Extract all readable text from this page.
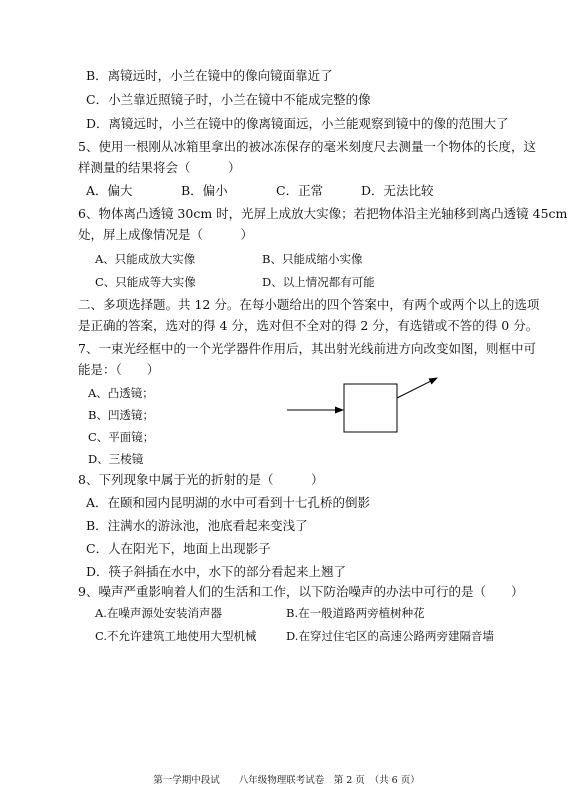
B．离镜远时，小兰在镜中的像向镜面靠近了
C．小兰靠近照镜子时，小兰在镜中不能成完整的像
D．离镜远时，小兰在镜中的像离镜面远，小兰能观察到镜中的像的范围大了
5、使用一根刚从冰箱里拿出的被冰冻保存的毫米刻度尺去测量一个物体的长度，这
样测量的结果将会（　　　）
A．偏大	B．偏小	C．正常	D．无法比较
6、物体离凸透镜 30cm 时，光屏上成放大实像；若把物体沿主光轴移到离凸透镜 45cm
处，屏上成像情况是（　　　）
A、只能成放大实像	B、只能成缩小实像
C、只能成等大实像	D、以上情况都有可能
二、多项选择题。共 12 分。在每小题给出的四个答案中，有两个或两个以上的选项
是正确的答案，选对的得 4 分，选对但不全对的得 2 分，有选错或不答的得 0 分。
7、一束光经框中的一个光学器件作用后，其出射光线前进方向改变如图，则框中可
能是：（　　）
A、凸透镜；
B、凹透镜；
C、平面镜；
D、三棱镜
8、下列现象中属于光的折射的是（　　　）
A．在颐和园内昆明湖的水中可看到十七孔桥的倒影
B．注满水的游泳池，池底看起来变浅了
C．人在阳光下，地面上出现影子
D．筷子斜插在水中，水下的部分看起来上翘了
9、噪声严重影响着人们的生活和工作，以下防治噪声的办法中可行的是（　　）
A.在噪声源处安装消声器	B.在一般道路两旁植树种花
C.不允许建筑工地使用大型机械	D.在穿过住宅区的高速公路两旁建隔音墙
第一学期中段试　　八年级物理联考试卷　第 2 页　（共 6 页）
